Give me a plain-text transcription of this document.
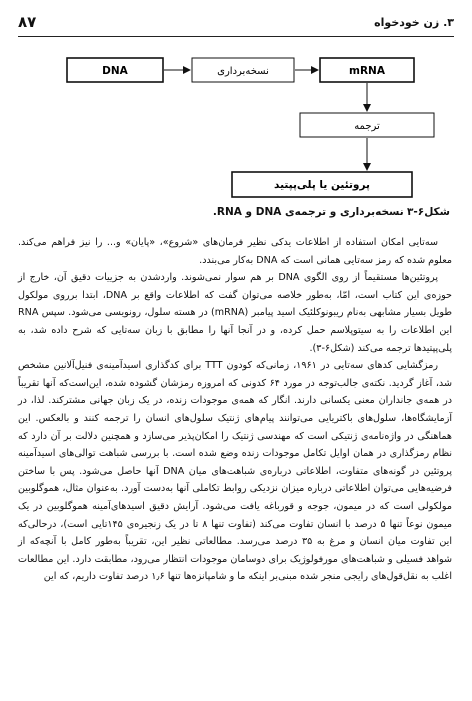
۳. زن خودخواه
۸۷
DNA	نسخه‌برداری	mRNA
ترجمه
پروتئین یا پلی‌پپتید
شکل۶-۳ نسخه‌برداری و ترجمه‌ی DNA و RNA.

سه‌تایی امکان استفاده از اطلاعات یدکی نظیر فرمان‌های «شروع»، «پایان» و... را نیز فراهم می‌کند. معلوم شده که رمز سه‌تایی همانی است که DNA به‌کار می‌بندد.

پروتئین‌ها مستقیماً از روی الگوی DNA بر هم سوار نمی‌شوند. واردشدن به جزییات دقیق آن، خارج از حوزه‌ی این کتاب است، امّا، به‌طور خلاصه می‌توان گفت که اطلاعات واقع بر DNA، ابتدا برروی مولکول طویل بسیار مشابهی به‌نام ریبونوکلئیک اسید پیامبر (mRNA) در هسته سلول، رونویسی می‌شود. سپس RNA این اطلاعات را به سیتوپلاسم حمل کرده، و در آنجا آنها را مطابق با زبان سه‌تایی که شرح داده شد، به پلی‌پپتیدها ترجمه می‌کند (شکل۶-۳).

رمزگشایی کدهای سه‌تایی در ۱۹۶۱، زمانی‌که کودون TTT برای کدگذاری اسیدآمینه‌ی فنیل‌آلانین مشخص شد، آغاز گردید. نکته‌ی جالب‌توجه در مورد ۶۴ کدونی که امروزه رمزشان گشوده شده، این‌است‌که آنها تقریباً در همه‌ی جانداران معنی یکسانی دارند. انگار که همه‌ی موجودات زنده، در یک زبان جهانی مشترکند. لذا، در آزمایشگاه‌ها، سلول‌های باکتریایی می‌توانند پیام‌های ژنتیک سلول‌های انسان را ترجمه کنند و بالعکس. این هماهنگی در واژه‌نامه‌ی ژنتیکی است که مهندسی ژنتیک را امکان‌پذیر می‌سازد و همچنین دلالت بر آن دارد که نظام رمزگذاری در همان اوایل تکامل موجودات زنده وضع شده است. با بررسی شباهت توالی‌های اسیدآمینه پروتئین در گونه‌های متفاوت، اطلاعاتی درباره‌ی شباهت‌های میان DNA آنها حاصل می‌شود. پس با ساختن فرضیه‌هایی می‌توان اطلاعاتی درباره میزان نزدیکی روابط تکاملی آنها به‌دست آورد. به‌عنوان مثال، هموگلوبین مولکولی است که در میمون، جوجه و قورباغه یافت می‌شود. آرایش دقیق اسیدهای‌آمینه هموگلوبین در یک میمون نوعاً تنها ۵ درصد با انسان تفاوت می‌کند (تفاوت تنها ۸ تا در یک زنجیره‌ی ۱۴۵تایی است)، درحالی‌که این تفاوت میان انسان و مرغ به ۳۵ درصد می‌رسد. مطالعاتی نظیر این، تقریباً به‌طور کامل با آنچه‌که از شواهد فسیلی و شباهت‌های مورفولوژیک برای دوسامان موجودات انتظار می‌رود، مطابقت دارد. این مطالعات اغلب به نقل‌قول‌های رایجی منجر شده مبنی‌بر اینکه ما و شامپانزه‌ها تنها ۱٫۶ درصد تفاوت داریم، که این
